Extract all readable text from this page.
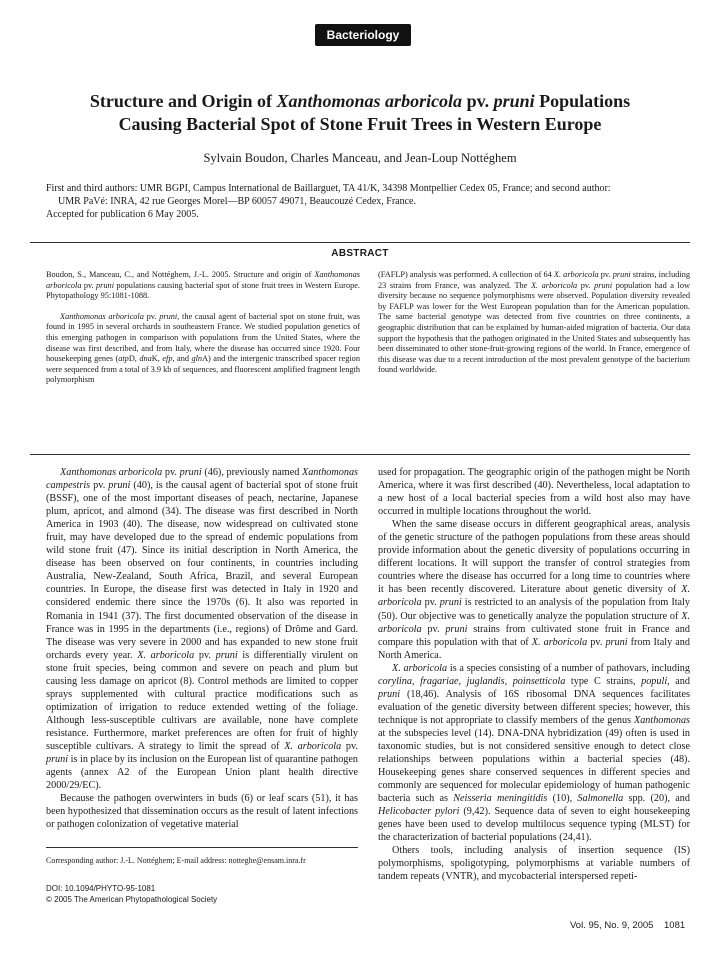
Bacteriology
Structure and Origin of Xanthomonas arboricola pv. pruni Populations
Causing Bacterial Spot of Stone Fruit Trees in Western Europe
Sylvain Boudon, Charles Manceau, and Jean-Loup Nottéghem

First and third authors: UMR BGPI, Campus International de Baillarguet, TA 41/K, 34398 Montpellier Cedex 05, France; and second author:

UMR PaVé: INRA, 42 rue Georges Morel—BP 60057 49071, Beaucouzé Cedex, France.

Accepted for publication 6 May 2005.

ABSTRACT

Boudon, S., Manceau, C., and Nottéghem, J.-L. 2005. Structure and origin of Xanthomonas arboricola pv. pruni populations causing bacterial spot of stone fruit trees in Western Europe. Phytopathology 95:1081-1088.

Xanthomonas arboricola pv. pruni, the causal agent of bacterial spot on stone fruit, was found in 1995 in several orchards in southeastern France. We studied population genetics of this emerging pathogen in comparison with populations from the United States, where the disease was first described, and from Italy, where the disease has occurred since 1920. Four housekeeping genes (atpD, dnaK, efp, and glnA) and the intergenic transcribed spacer region were sequenced from a total of 3.9 kb of sequences, and fluorescent amplified fragment length polymorphism

(FAFLP) analysis was performed. A collection of 64 X. arboricola pv. pruni strains, including 23 strains from France, was analyzed. The X. arboricola pv. pruni population had a low diversity because no sequence polymorphisms were observed. Population diversity revealed by FAFLP was lower for the West European population than for the American population. The same bacterial genotype was detected from five countries on three continents, a geographic distribution that can be explained by human-aided migration of bacteria. Our data support the hypothesis that the pathogen originated in the United States and subsequently has been disseminated to other stone-fruit-growing regions of the world. In France, emergence of this disease was due to a recent introduction of the most prevalent genotype of the bacterium found worldwide.

Xanthomonas arboricola pv. pruni (46), previously named Xanthomonas campestris pv. pruni (40), is the causal agent of bacterial spot of stone fruit (BSSF), one of the most important diseases of peach, nectarine, Japanese plum, apricot, and almond (34). The disease was first described in North America in 1903 (40). The disease, now widespread on cultivated stone fruit, may have developed due to the spread of endemic populations from wild stone fruit (47). Since its initial description in North America, the disease has been observed on four continents, in countries including Australia, New-Zealand, South Africa, Brazil, and several European countries. In Europe, the disease first was detected in Italy in 1920 and considered endemic there since the 1970s (6). It also was reported in Romania in 1941 (37). The first documented observation of the disease in France was in 1995 in the departments (i.e., regions) of Drôme and Gard. The disease was very severe in 2000 and has expanded to new stone fruit orchards every year. X. arboricola pv. pruni is differentially virulent on stone fruit species, being common and severe on peach and plum but causing less damage on apricot (8). Control methods are limited to copper sprays supplemented with cultural practice modifications such as optimization of irrigation to reduce extended wetting of the foliage. Although less-susceptible cultivars are available, none have complete resistance. Furthermore, market preferences are often for fruit of highly susceptible cultivars. A strategy to limit the spread of X. arboricola pv. pruni is in place by its inclusion on the European list of quarantine pathogen agents (annex A2 of the European Union plant health directive 2000/29/EC).

Because the pathogen overwinters in buds (6) or leaf scars (51), it has been hypothesized that dissemination occurs as the result of latent infections or pathogen colonization of vegetative material

Corresponding author: J.-L. Nottéghem; E-mail address: notteghe@ensam.inra.fr
DOI: 10.1094/PHYTO-95-1081
© 2005 The American Phytopathological Society

used for propagation. The geographic origin of the pathogen might be North America, where it was first described (40). Nevertheless, local adaptation to a new host of a local bacterial species from a wild host also may have occurred in multiple locations throughout the world.

When the same disease occurs in different geographical areas, analysis of the genetic structure of the pathogen populations from these areas should provide information about the genetic diversity of populations occurring in different locations. It will support the transfer of control strategies from countries where the disease has occurred for a long time to countries where it has been recently discovered. Literature about genetic diversity of X. arboricola pv. pruni is restricted to an analysis of the population from Italy (50). Our objective was to genetically analyze the population structure of X. arboricola pv. pruni strains from cultivated stone fruit in France and compare this population with that of X. arboricola pv. pruni from Italy and North America.

X. arboricola is a species consisting of a number of pathovars, including corylina, fragariae, juglandis, poinsetticola type C strains, populi, and pruni (18,46). Analysis of 16S ribosomal DNA sequences facilitates evaluation of the genetic diversity between different species; however, this technique is not appropriate to classify members of the genus Xanthomonas at the subspecies level (14). DNA-DNA hybridization (49) often is used in taxonomic studies, but is not considered sensitive enough to detect close relationships between populations within a bacterial species (48). Housekeeping genes share conserved sequences in different species and commonly are sequenced for molecular epidemiology of human pathogenic bacteria such as Neisseria meningitidis (10), Salmonella spp. (20), and Helicobacter pylori (9,42). Sequence data of seven to eight housekeeping genes have been used to develop multilocus sequence typing (MLST) for the characterization of bacterial populations (24,41).

Others tools, including analysis of insertion sequence (IS) polymorphisms, spoligotyping, polymorphisms at variable numbers of tandem repeats (VNTR), and mycobacterial interspersed repeti-

Vol. 95, No. 9, 2005 1081
